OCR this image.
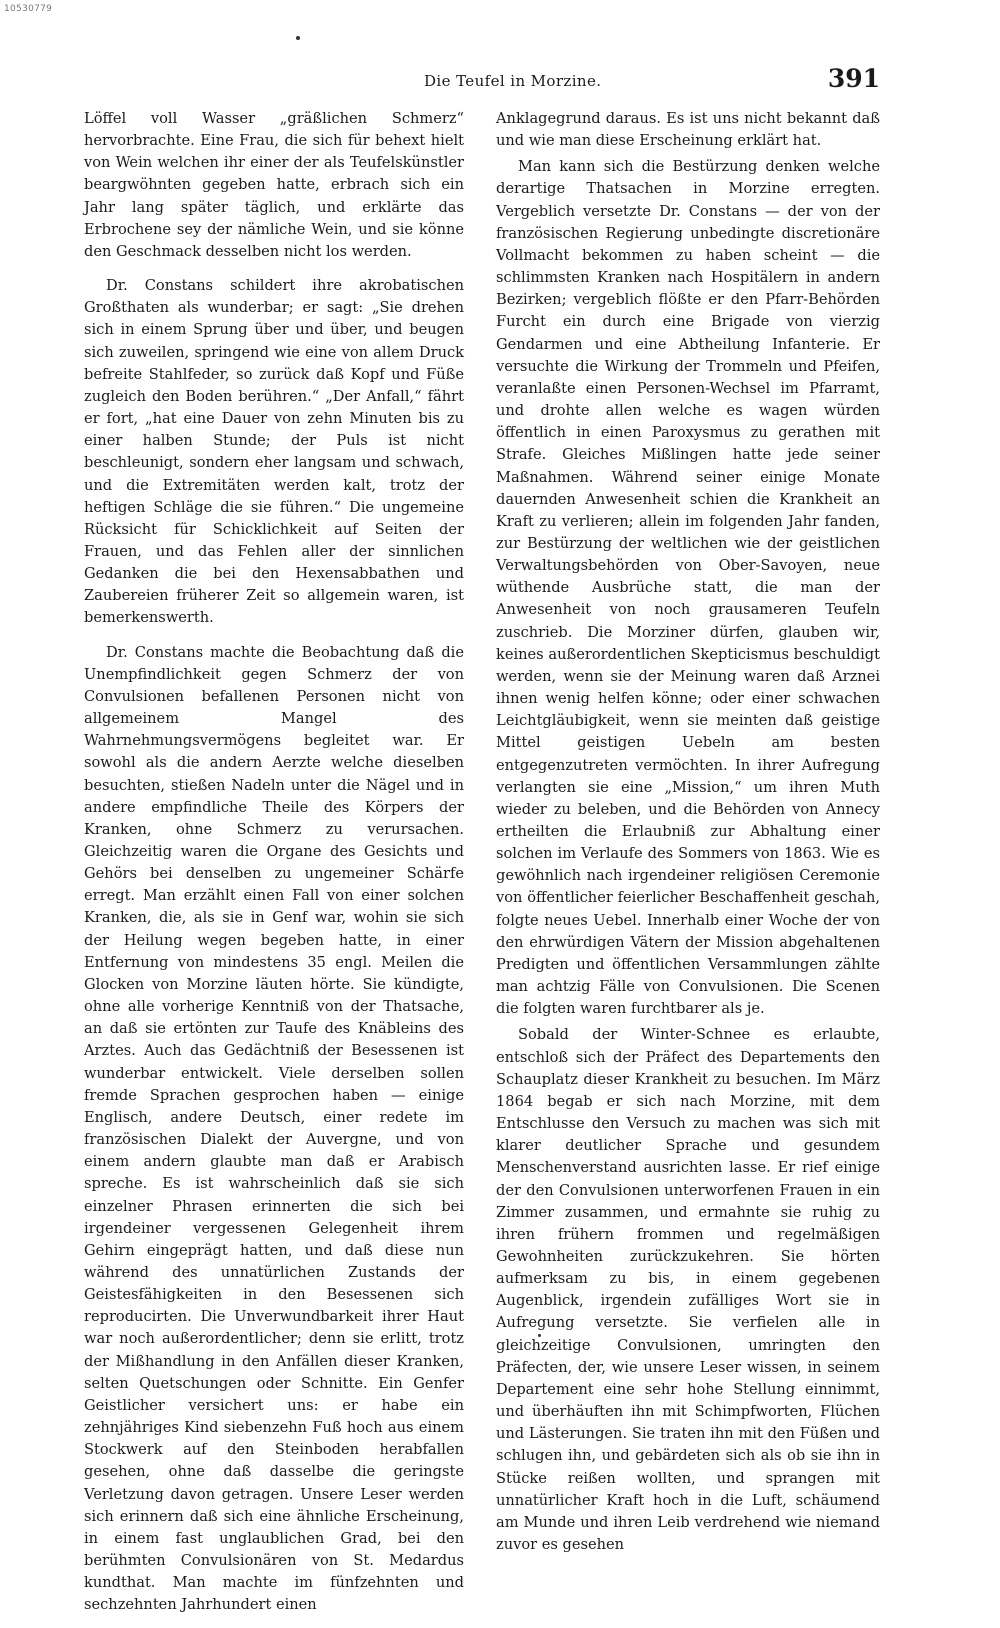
10530779
Die Teufel in Morzine.	391

Löffel voll Wasser „gräßlichen Schmerz“ hervorbrachte. Eine Frau, die sich für behext hielt von Wein welchen ihr einer der als Teufelskünstler beargwöhnten gegeben hatte, erbrach sich ein Jahr lang später täglich, und erklärte das Erbrochene sey der nämliche Wein, und sie könne den Geschmack desselben nicht los werden.

Dr. Constans schildert ihre akrobatischen Großthaten als wunderbar; er sagt: „Sie drehen sich in einem Sprung über und über, und beugen sich zuweilen, springend wie eine von allem Druck befreite Stahlfeder, so zurück daß Kopf und Füße zugleich den Boden berühren.“ „Der Anfall,“ fährt er fort, „hat eine Dauer von zehn Minuten bis zu einer halben Stunde; der Puls ist nicht beschleunigt, sondern eher langsam und schwach, und die Extremitäten werden kalt, trotz der heftigen Schläge die sie führen.“ Die ungemeine Rücksicht für Schicklichkeit auf Seiten der Frauen, und das Fehlen aller der sinnlichen Gedanken die bei den Hexensabbathen und Zaubereien früherer Zeit so allgemein waren, ist bemerkenswerth.

Dr. Constans machte die Beobachtung daß die Unempfindlichkeit gegen Schmerz der von Convulsionen befallenen Personen nicht von allgemeinem Mangel des Wahrnehmungsvermögens begleitet war. Er sowohl als die andern Aerzte welche dieselben besuchten, stießen Nadeln unter die Nägel und in andere empfindliche Theile des Körpers der Kranken, ohne Schmerz zu verursachen. Gleichzeitig waren die Organe des Gesichts und Gehörs bei denselben zu ungemeiner Schärfe erregt. Man erzählt einen Fall von einer solchen Kranken, die, als sie in Genf war, wohin sie sich der Heilung wegen begeben hatte, in einer Entfernung von mindestens 35 engl. Meilen die Glocken von Morzine läuten hörte. Sie kündigte, ohne alle vorherige Kenntniß von der Thatsache, an daß sie ertönten zur Taufe des Knäbleins des Arztes. Auch das Gedächtniß der Besessenen ist wunderbar entwickelt. Viele derselben sollen fremde Sprachen gesprochen haben — einige Englisch, andere Deutsch, einer redete im französischen Dialekt der Auvergne, und von einem andern glaubte man daß er Arabisch spreche. Es ist wahrscheinlich daß sie sich einzelner Phrasen erinnerten die sich bei irgendeiner vergessenen Gelegenheit ihrem Gehirn eingeprägt hatten, und daß diese nun während des unnatürlichen Zustands der Geistesfähigkeiten in den Besessenen sich reproducirten. Die Unverwundbarkeit ihrer Haut war noch außerordentlicher; denn sie erlitt, trotz der Mißhandlung in den Anfällen dieser Kranken, selten Quetschungen oder Schnitte. Ein Genfer Geistlicher versichert uns: er habe ein zehnjähriges Kind siebenzehn Fuß hoch aus einem Stockwerk auf den Steinboden herabfallen gesehen, ohne daß dasselbe die geringste Verletzung davon getragen. Unsere Leser werden sich erinnern daß sich eine ähnliche Erscheinung, in einem fast unglaublichen Grad, bei den berühmten Convulsionären von St. Medardus kundthat. Man machte im fünfzehnten und sechzehnten Jahrhundert einen

Anklagegrund daraus. Es ist uns nicht bekannt daß und wie man diese Erscheinung erklärt hat.

Man kann sich die Bestürzung denken welche derartige Thatsachen in Morzine erregten. Vergeblich versetzte Dr. Constans — der von der französischen Regierung unbedingte discretionäre Vollmacht bekommen zu haben scheint — die schlimmsten Kranken nach Hospitälern in andern Bezirken; vergeblich flößte er den Pfarr-Behörden Furcht ein durch eine Brigade von vierzig Gendarmen und eine Abtheilung Infanterie. Er versuchte die Wirkung der Trommeln und Pfeifen, veranlaßte einen Personen-Wechsel im Pfarramt, und drohte allen welche es wagen würden öffentlich in einen Paroxysmus zu gerathen mit Strafe. Gleiches Mißlingen hatte jede seiner Maßnahmen. Während seiner einige Monate dauernden Anwesenheit schien die Krankheit an Kraft zu verlieren; allein im folgenden Jahr fanden, zur Bestürzung der weltlichen wie der geistlichen Verwaltungsbehörden von Ober-Savoyen, neue wüthende Ausbrüche statt, die man der Anwesenheit von noch grausameren Teufeln zuschrieb. Die Morziner dürfen, glauben wir, keines außerordentlichen Skepticismus beschuldigt werden, wenn sie der Meinung waren daß Arznei ihnen wenig helfen könne; oder einer schwachen Leichtgläubigkeit, wenn sie meinten daß geistige Mittel geistigen Uebeln am besten entgegenzutreten vermöchten. In ihrer Aufregung verlangten sie eine „Mission,“ um ihren Muth wieder zu beleben, und die Behörden von Annecy ertheilten die Erlaubniß zur Abhaltung einer solchen im Verlaufe des Sommers von 1863. Wie es gewöhnlich nach irgendeiner religiösen Ceremonie von öffentlicher feierlicher Beschaffenheit geschah, folgte neues Uebel. Innerhalb einer Woche der von den ehrwürdigen Vätern der Mission abgehaltenen Predigten und öffentlichen Versammlungen zählte man achtzig Fälle von Convulsionen. Die Scenen die folgten waren furchtbarer als je.

Sobald der Winter-Schnee es erlaubte, entschloß sich der Präfect des Departements den Schauplatz dieser Krankheit zu besuchen. Im März 1864 begab er sich nach Morzine, mit dem Entschlusse den Versuch zu machen was sich mit klarer deutlicher Sprache und gesundem Menschenverstand ausrichten lasse. Er rief einige der den Convulsionen unterworfenen Frauen in ein Zimmer zusammen, und ermahnte sie ruhig zu ihren frühern frommen und regelmäßigen Gewohnheiten zurückzukehren. Sie hörten aufmerksam zu bis, in einem gegebenen Augenblick, irgendein zufälliges Wort sie in Aufregung versetzte. Sie verfielen alle in gleichzeitige Convulsionen, umringten den Präfecten, der, wie unsere Leser wissen, in seinem Departement eine sehr hohe Stellung einnimmt, und überhäuften ihn mit Schimpfworten, Flüchen und Lästerungen. Sie traten ihn mit den Füßen und schlugen ihn, und gebärdeten sich als ob sie ihn in Stücke reißen wollten, und sprangen mit unnatürlicher Kraft hoch in die Luft, schäumend am Munde und ihren Leib verdrehend wie niemand zuvor es gesehen
